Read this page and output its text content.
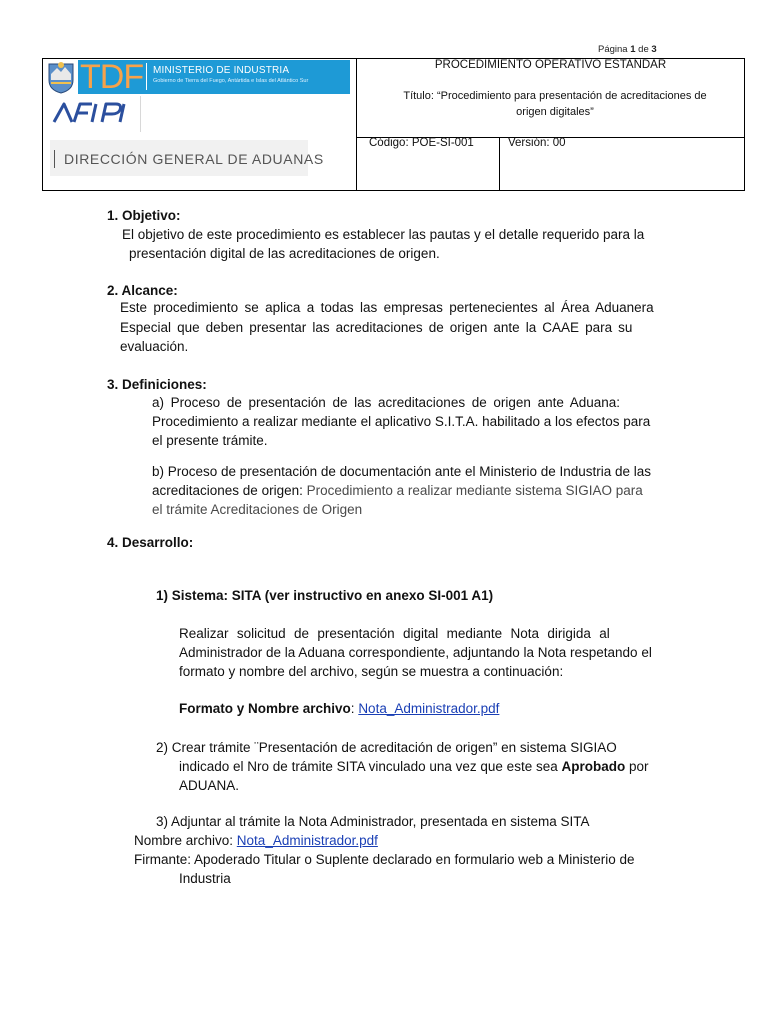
Página 1 de 3
TDF MINISTERIO DE INDUSTRIA
Gobierno de Tierra del Fuego, Antártida e Islas del Atlántico Sur
DIRECCIÓN GENERAL DE ADUANAS
PROCEDIMIENTO OPERATIVO ESTANDAR
Título: “Procedimiento para presentación de acreditaciones de
origen digitales”
Código: POE-SI-001	Versión: 00
1. Objetivo:
El objetivo de este procedimiento es establecer las pautas y el detalle requerido para la
presentación digital de las acreditaciones de origen.
2. Alcance:
Este procedimiento se aplica a todas las empresas pertenecientes al Área Aduanera
Especial que deben presentar las acreditaciones de origen ante la CAAE para su
evaluación.
3. Definiciones:
a) Proceso de presentación de las acreditaciones de origen ante Aduana:
Procedimiento a realizar mediante el aplicativo S.I.T.A. habilitado a los efectos para
el presente trámite.
b) Proceso de presentación de documentación ante el Ministerio de Industria de las
acreditaciones de origen: Procedimiento a realizar mediante sistema SIGIAO para
el trámite Acreditaciones de Origen
4. Desarrollo:
1) Sistema: SITA (ver instructivo en anexo SI-001 A1)
Realizar solicitud de presentación digital mediante Nota dirigida al
Administrador de la Aduana correspondiente, adjuntando la Nota respetando el
formato y nombre del archivo, según se muestra a continuación:
Formato y Nombre archivo: Nota_Administrador.pdf
2) Crear trámite ¨Presentación de acreditación de origen” en sistema SIGIAO
indicado el Nro de trámite SITA vinculado una vez que este sea Aprobado por
ADUANA.
3) Adjuntar al trámite la Nota Administrador, presentada en sistema SITA
Nombre archivo: Nota_Administrador.pdf
Firmante: Apoderado Titular o Suplente declarado en formulario web a Ministerio de
Industria
